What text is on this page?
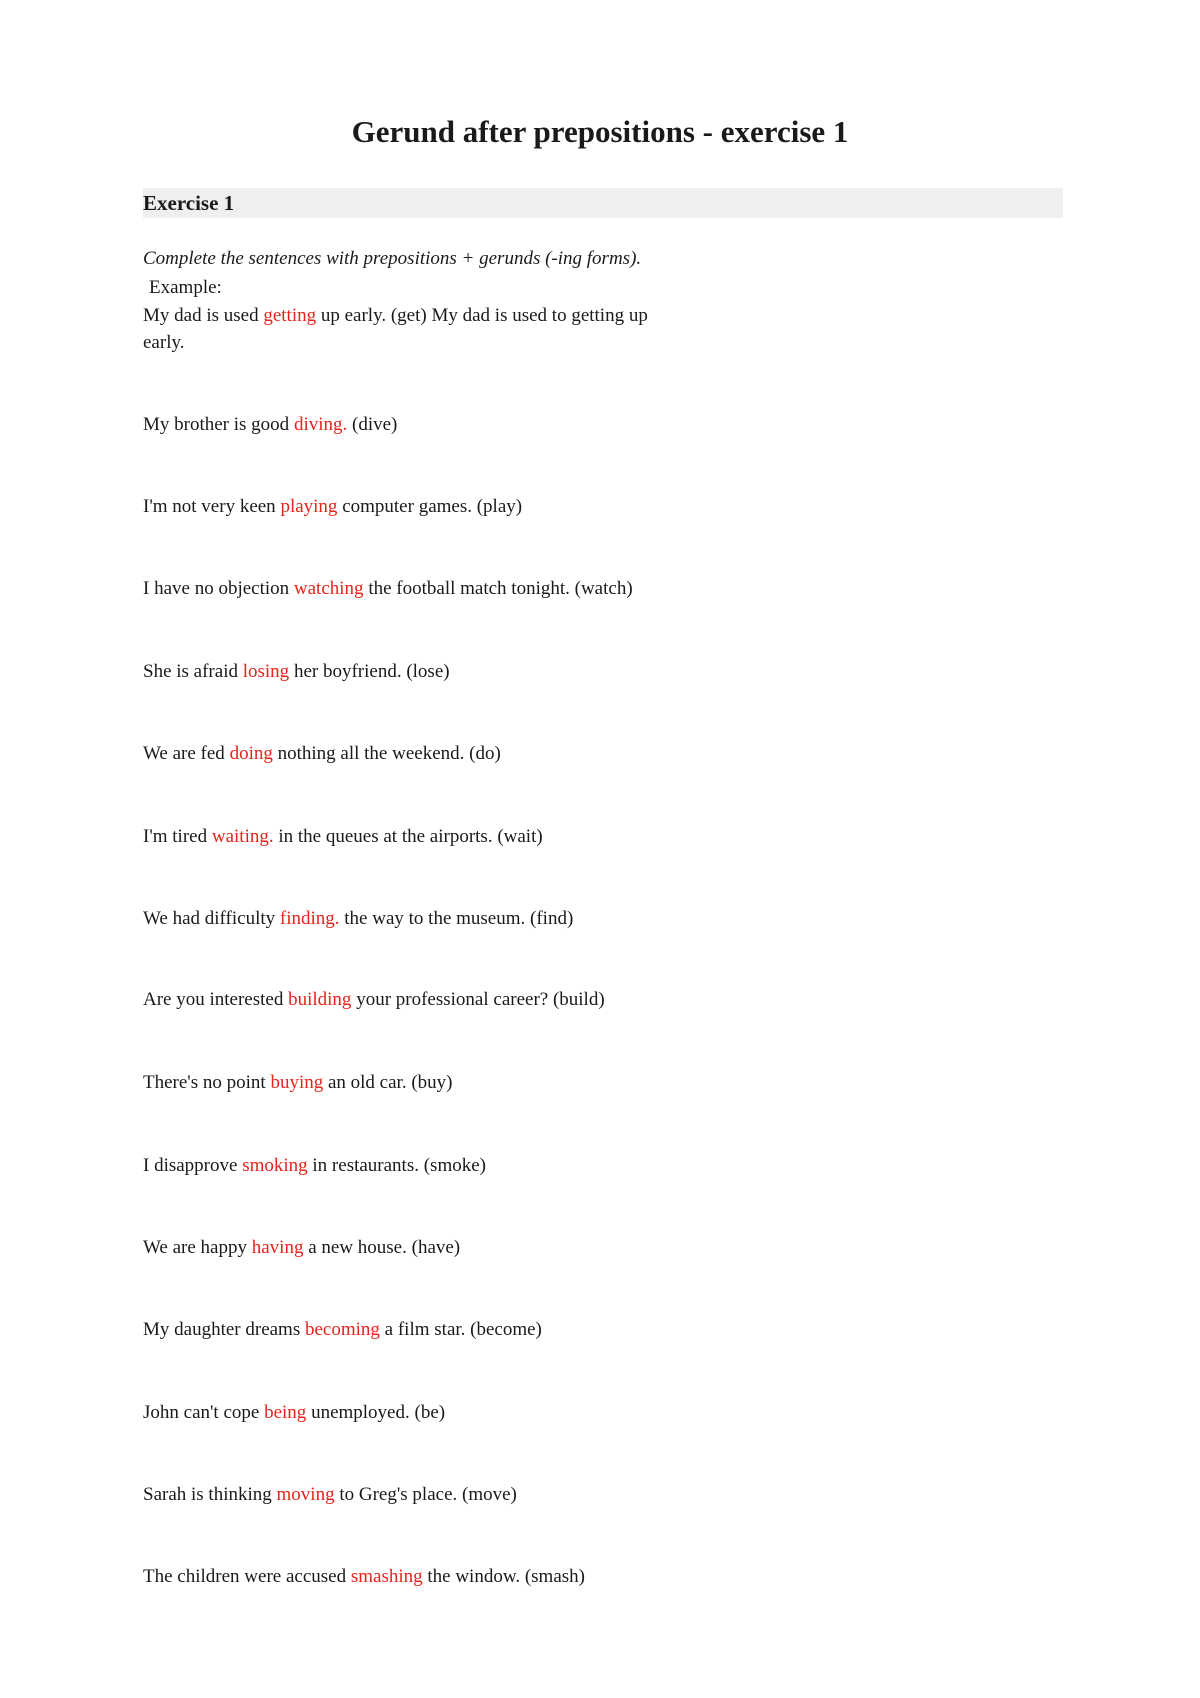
Gerund after prepositions - exercise 1
Exercise 1

Complete the sentences with prepositions + gerunds (-ing forms).

Example:

My dad is used getting up early. (get) My dad is used to getting up early.

My brother is good diving. (dive)

I'm not very keen playing computer games. (play)

I have no objection watching the football match tonight. (watch)

She is afraid losing her boyfriend. (lose)

We are fed doing nothing all the weekend. (do)

I'm tired waiting. in the queues at the airports. (wait)

We had difficulty finding. the way to the museum. (find)

Are you interested building your professional career? (build)

There's no point buying an old car. (buy)

I disapprove smoking in restaurants. (smoke)

We are happy having a new house. (have)

My daughter dreams becoming a film star. (become)

John can't cope being unemployed. (be)

Sarah is thinking moving to Greg's place. (move)

The children were accused smashing the window. (smash)
